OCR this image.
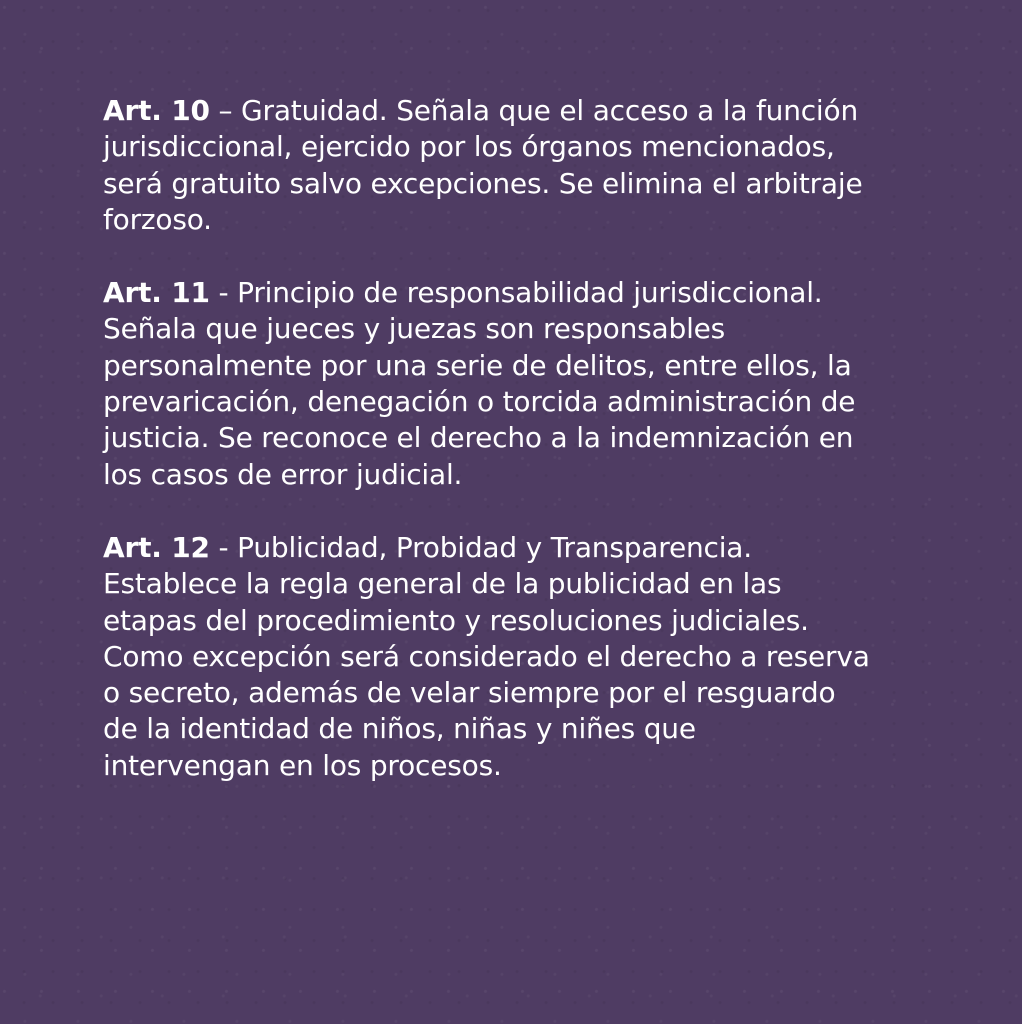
Art. 10 – Gratuidad. Señala que el acceso a la función
jurisdiccional, ejercido por los órganos mencionados,
será gratuito salvo excepciones. Se elimina el arbitraje
forzoso.

Art. 11 - Principio de responsabilidad jurisdiccional.
Señala que jueces y juezas son responsables
personalmente por una serie de delitos, entre ellos, la
prevaricación, denegación o torcida administración de
justicia. Se reconoce el derecho a la indemnización en
los casos de error judicial.

Art. 12 - Publicidad, Probidad y Transparencia.
Establece la regla general de la publicidad en las
etapas del procedimiento y resoluciones judiciales.
Como excepción será considerado el derecho a reserva
o secreto, además de velar siempre por el resguardo
de la identidad de niños, niñas y niñes que
intervengan en los procesos.
